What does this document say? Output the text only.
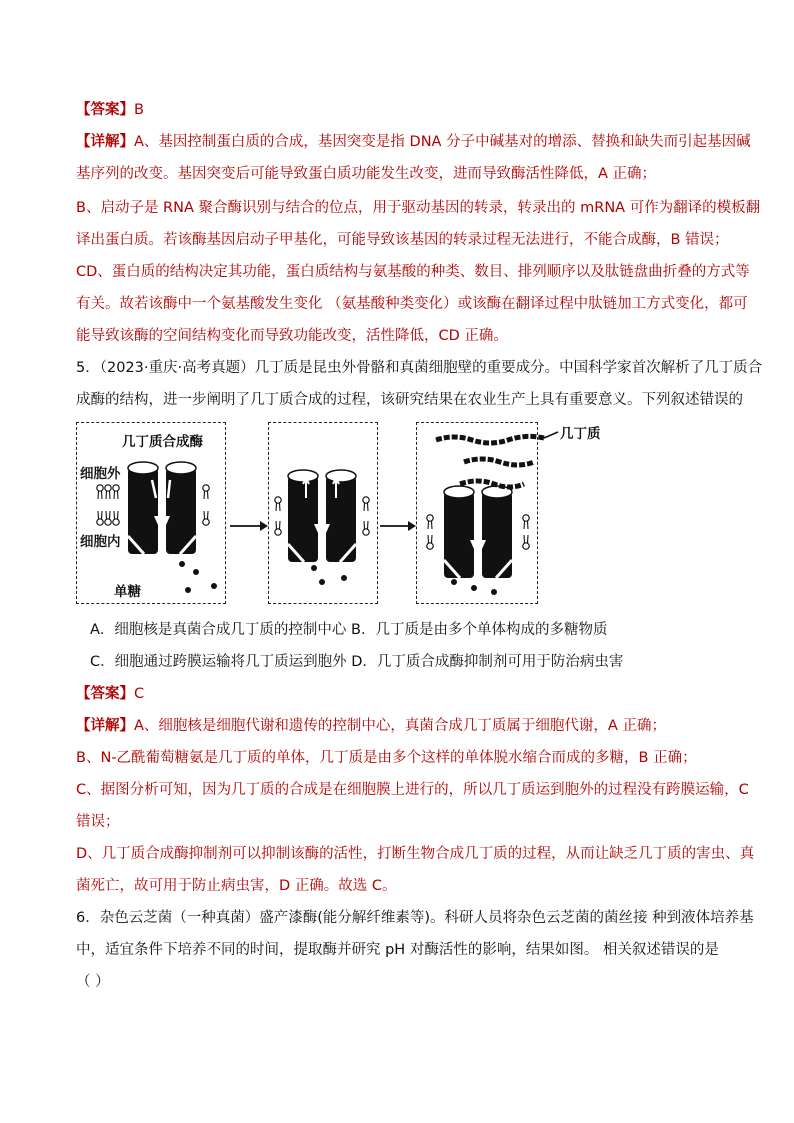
【答案】B
【详解】A、基因控制蛋白质的合成，基因突变是指 DNA 分子中碱基对的增添、替换和缺失而引起基因碱
基序列的改变。基因突变后可能导致蛋白质功能发生改变，进而导致酶活性降低，A 正确；
B、启动子是 RNA 聚合酶识别与结合的位点，用于驱动基因的转录，转录出的 mRNA 可作为翻译的模板翻
译出蛋白质。若该酶基因启动子甲基化，可能导致该基因的转录过程无法进行，不能合成酶，B 错误；
CD、蛋白质的结构决定其功能，蛋白质结构与氨基酸的种类、数目、排列顺序以及肽链盘曲折叠的方式等
有关。故若该酶中一个氨基酸发生变化 （氨基酸种类变化）或该酶在翻译过程中肽链加工方式变化，都可
能导致该酶的空间结构变化而导致功能改变，活性降低，CD 正确。
5．（2023·重庆·高考真题）几丁质是昆虫外骨骼和真菌细胞壁的重要成分。中国科学家首次解析了几丁质合
成酶的结构，进一步阐明了几丁质合成的过程，该研究结果在农业生产上具有重要意义。下列叙述错误的
几丁质合成酶
细胞外
细胞内
单糖
几丁质
A．细胞核是真菌合成几丁质的控制中心 B．几丁质是由多个单体构成的多糖物质
C．细胞通过跨膜运输将几丁质运到胞外 D．几丁质合成酶抑制剂可用于防治病虫害
【答案】C
【详解】A、细胞核是细胞代谢和遗传的控制中心，真菌合成几丁质属于细胞代谢，A 正确；
B、N-乙酰葡萄糖氨是几丁质的单体，几丁质是由多个这样的单体脱水缩合而成的多糖，B 正确；
C、据图分析可知，因为几丁质的合成是在细胞膜上进行的，所以几丁质运到胞外的过程没有跨膜运输，C
错误；
D、几丁质合成酶抑制剂可以抑制该酶的活性，打断生物合成几丁质的过程，从而让缺乏几丁质的害虫、真
菌死亡，故可用于防止病虫害，D 正确。故选 C。
6．杂色云芝菌（一种真菌）盛产漆酶(能分解纤维素等)。科研人员将杂色云芝菌的菌丝接 种到液体培养基
中，适宜条件下培养不同的时间，提取酶并研究 pH 对酶活性的影响，结果如图。 相关叙述错误的是
（ ）
